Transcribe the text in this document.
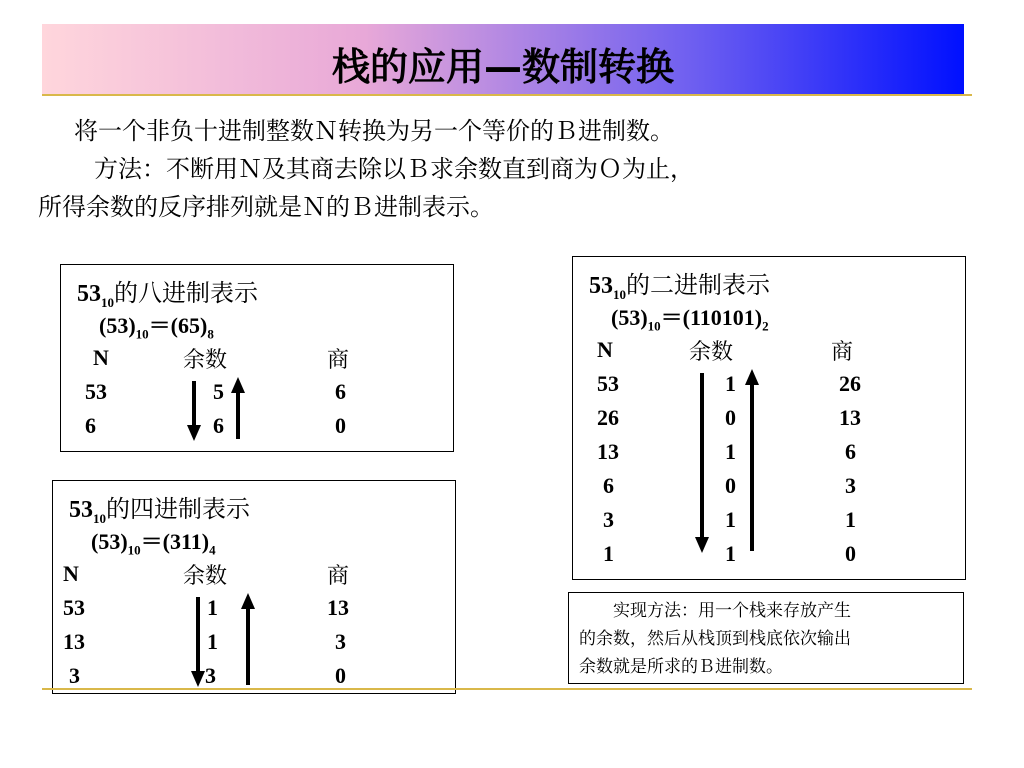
栈的应用—数制转换

将一个非负十进制整数Ｎ转换为另一个等价的Ｂ进制数。

方法：不断用Ｎ及其商去除以Ｂ求余数直到商为Ｏ为止，

所得余数的反序排列就是Ｎ的Ｂ进制表示。

$53_{10}$的八进制表示
$(53)_{10}=(65)_8$
N	余数	商
53	5	6
6	6	0
$53_{10}$的四进制表示
$(53)_{10}=(311)_4$
N	余数	商
53	1	13
13	1	3
3	3	0
$53_{10}$的二进制表示
$(53)_{10}=(110101)_2$
N	余数	商
53	1	26
26	0	13
13	1	6
6	0	3
3	1	1
1	1	0
实现方法：用一个栈来存放产生
的余数，然后从栈顶到栈底依次输出
余数就是所求的Ｂ进制数。
